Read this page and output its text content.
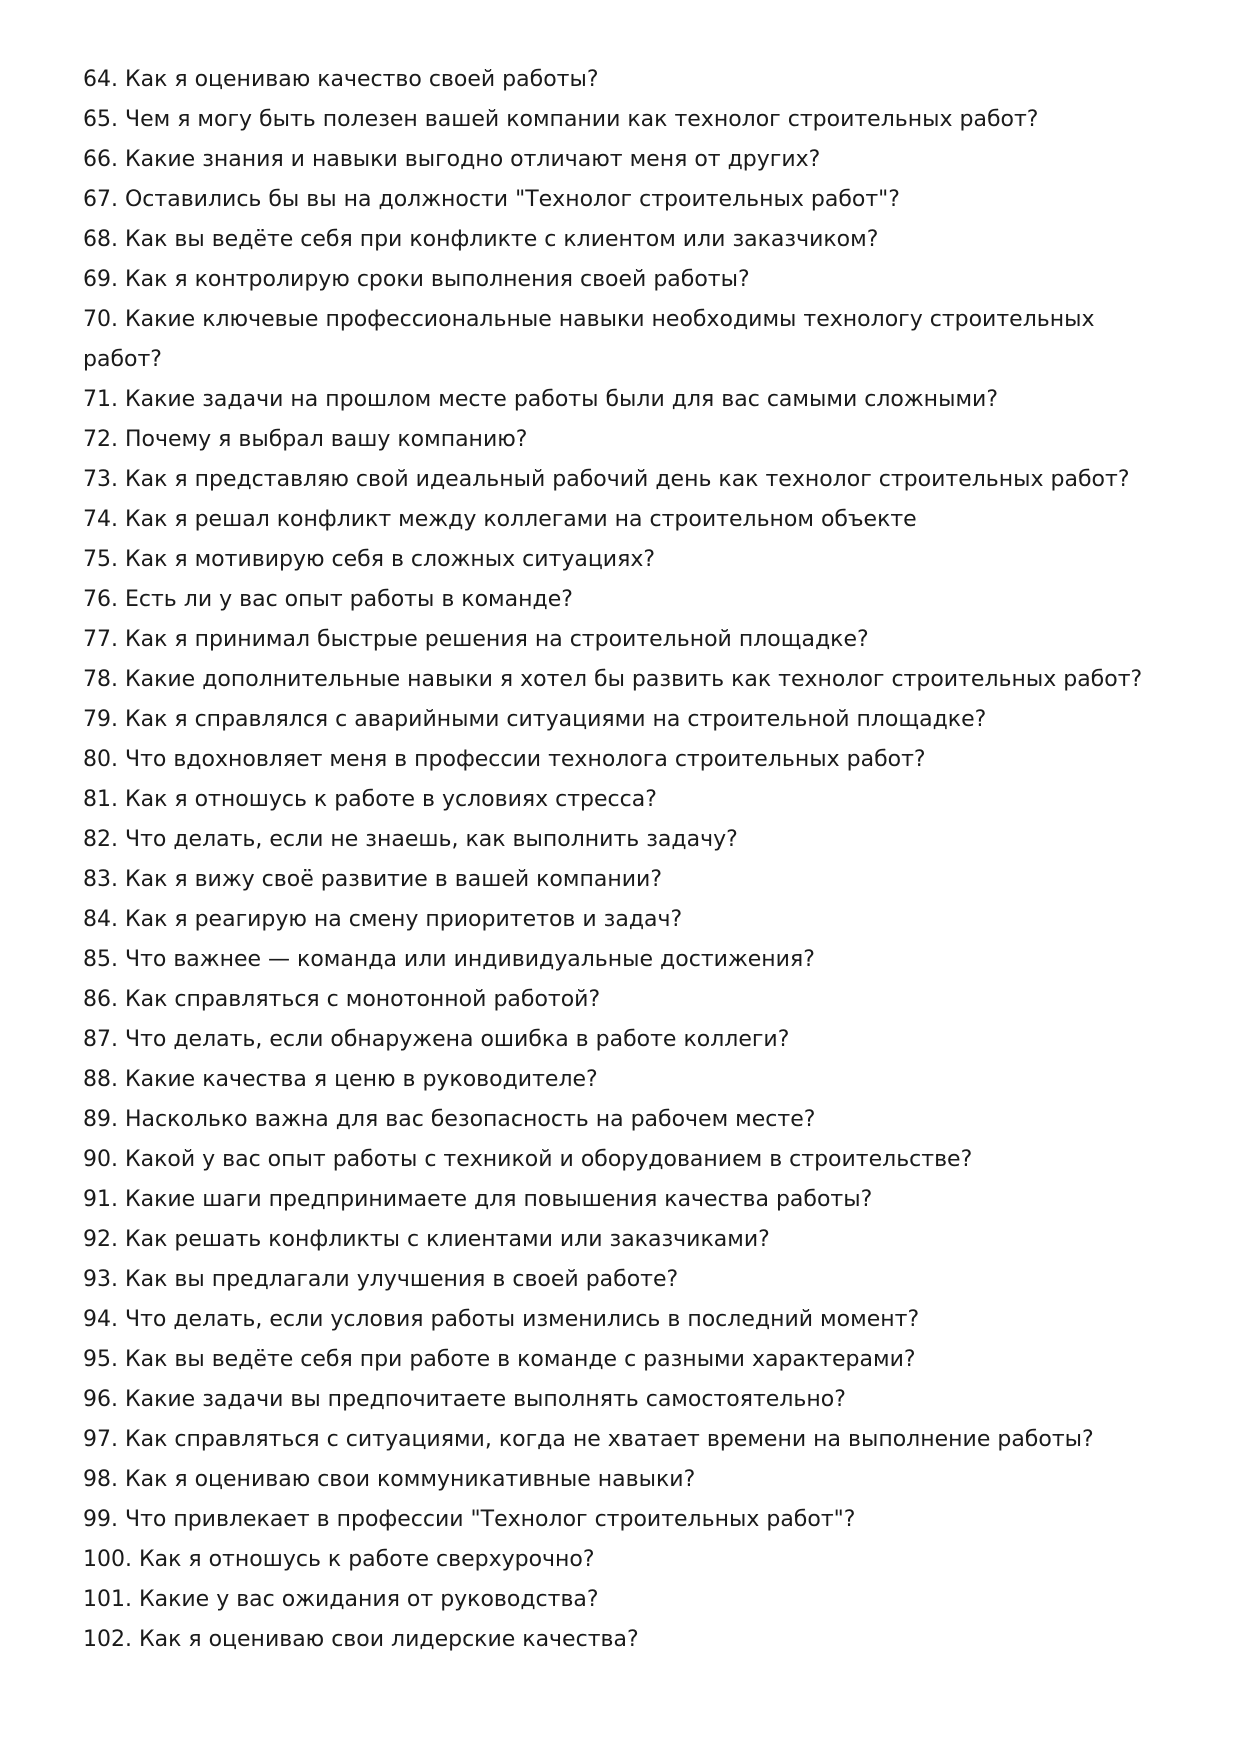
64. Как я оцениваю качество своей работы?
65. Чем я могу быть полезен вашей компании как технолог строительных работ?
66. Какие знания и навыки выгодно отличают меня от других?
67. Оставились бы вы на должности "Технолог строительных работ"?
68. Как вы ведёте себя при конфликте с клиентом или заказчиком?
69. Как я контролирую сроки выполнения своей работы?
70. Какие ключевые профессиональные навыки необходимы технологу строительных работ?
71. Какие задачи на прошлом месте работы были для вас самыми сложными?
72. Почему я выбрал вашу компанию?
73. Как я представляю свой идеальный рабочий день как технолог строительных работ?
74. Как я решал конфликт между коллегами на строительном объекте
75. Как я мотивирую себя в сложных ситуациях?
76. Есть ли у вас опыт работы в команде?
77. Как я принимал быстрые решения на строительной площадке?
78. Какие дополнительные навыки я хотел бы развить как технолог строительных работ?
79. Как я справлялся с аварийными ситуациями на строительной площадке?
80. Что вдохновляет меня в профессии технолога строительных работ?
81. Как я отношусь к работе в условиях стресса?
82. Что делать, если не знаешь, как выполнить задачу?
83. Как я вижу своё развитие в вашей компании?
84. Как я реагирую на смену приоритетов и задач?
85. Что важнее — команда или индивидуальные достижения?
86. Как справляться с монотонной работой?
87. Что делать, если обнаружена ошибка в работе коллеги?
88. Какие качества я ценю в руководителе?
89. Насколько важна для вас безопасность на рабочем месте?
90. Какой у вас опыт работы с техникой и оборудованием в строительстве?
91. Какие шаги предпринимаете для повышения качества работы?
92. Как решать конфликты с клиентами или заказчиками?
93. Как вы предлагали улучшения в своей работе?
94. Что делать, если условия работы изменились в последний момент?
95. Как вы ведёте себя при работе в команде с разными характерами?
96. Какие задачи вы предпочитаете выполнять самостоятельно?
97. Как справляться с ситуациями, когда не хватает времени на выполнение работы?
98. Как я оцениваю свои коммуникативные навыки?
99. Что привлекает в профессии "Технолог строительных работ"?
100. Как я отношусь к работе сверхурочно?
101. Какие у вас ожидания от руководства?
102. Как я оцениваю свои лидерские качества?
